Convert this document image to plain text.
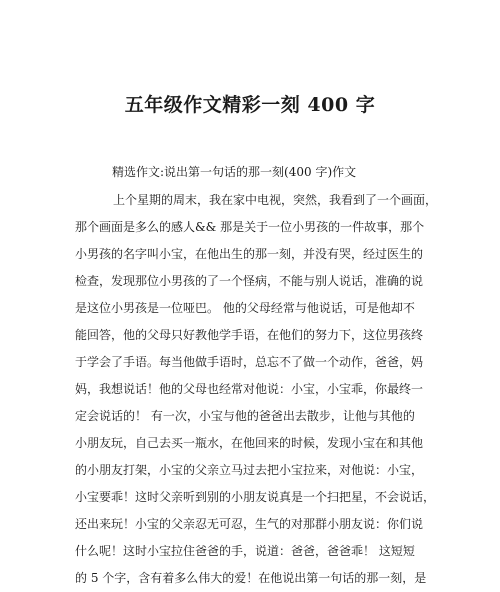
五年级作文精彩一刻 400 字

精选作文:说出第一句话的那一刻(400 字)作文

上个星期的周末，我在家中电视，突然，我看到了一个画面，
那个画面是多么的感人&& 那是关于一位小男孩的一件故事，那个
小男孩的名字叫小宝，在他出生的那一刻，并没有哭，经过医生的
检查，发现那位小男孩的了一个怪病，不能与别人说话，准确的说
是这位小男孩是一位哑巴。 他的父母经常与他说话，可是他却不
能回答，他的父母只好教他学手语，在他们的努力下，这位男孩终
于学会了手语。每当他做手语时，总忘不了做一个动作，爸爸，妈
妈，我想说话！他的父母也经常对他说：小宝，小宝乖，你最终一
定会说话的！ 有一次，小宝与他的爸爸出去散步，让他与其他的
小朋友玩，自己去买一瓶水，在他回来的时候，发现小宝在和其他
的小朋友打架，小宝的父亲立马过去把小宝拉来，对他说：小宝，
小宝要乖！这时父亲听到别的小朋友说真是一个扫把星，不会说话，
还出来玩！小宝的父亲忍无可忍，生气的对那群小朋友说：你们说
什么呢！这时小宝拉住爸爸的手，说道：爸爸，爸爸乖！ 这短短
的 5 个字，含有着多么伟大的爱！在他说出第一句话的那一刻，是
